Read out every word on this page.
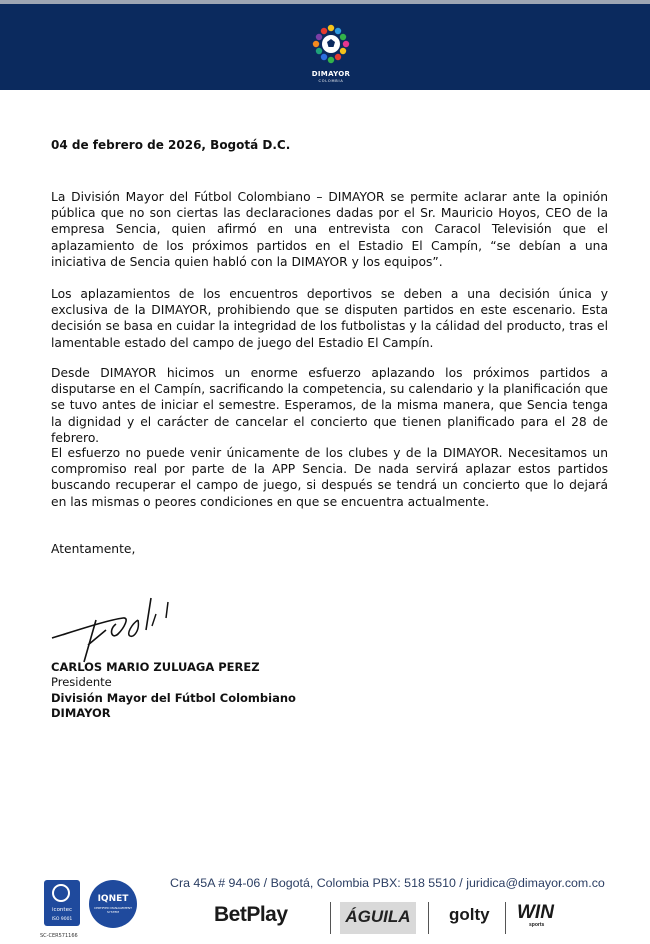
DIMAYOR
COLOMBIA
04 de febrero de 2026, Bogotá D.C.

La División Mayor del Fútbol Colombiano – DIMAYOR se permite aclarar ante la opinión pública que no son ciertas las declaraciones dadas por el Sr. Mauricio Hoyos, CEO de la empresa Sencia, quien afirmó en una entrevista con Caracol Televisión que el aplazamiento de los próximos partidos en el Estadio El Campín, “se debían a una iniciativa de Sencia quien habló con la DIMAYOR y los equipos”.

Los aplazamientos de los encuentros deportivos se deben a una decisión única y exclusiva de la DIMAYOR, prohibiendo que se disputen partidos en este escenario. Esta decisión se basa en cuidar la integridad de los futbolistas y la cálidad del producto, tras el lamentable estado del campo de juego del Estadio El Campín.

Desde DIMAYOR hicimos un enorme esfuerzo aplazando los próximos partidos a disputarse en el Campín, sacrificando la competencia, su calendario y la planificación que se tuvo antes de iniciar el semestre. Esperamos, de la misma manera, que Sencia tenga la dignidad y el carácter de cancelar el concierto que tienen planificado para el 28 de febrero.

El esfuerzo no puede venir únicamente de los clubes y de la DIMAYOR. Necesitamos un compromiso real por parte de la APP Sencia. De nada servirá aplazar estos partidos buscando recuperar el campo de juego, si después se tendrá un concierto que lo dejará en las mismas o peores condiciones en que se encuentra actualmente.

Atentamente,
CARLOS MARIO ZULUAGA PEREZ
Presidente
División Mayor del Fútbol Colombiano
DIMAYOR
icontec
ISO 9001
SC-CER571166
IQNET
CERTIFIED MANAGEMENT SYSTEM
Cra 45A # 94-06 / Bogotá, Colombia PBX: 518 5510 / juridica@dimayor.com.co
BetPlay	ÁGUILA	golty WIN
sports
